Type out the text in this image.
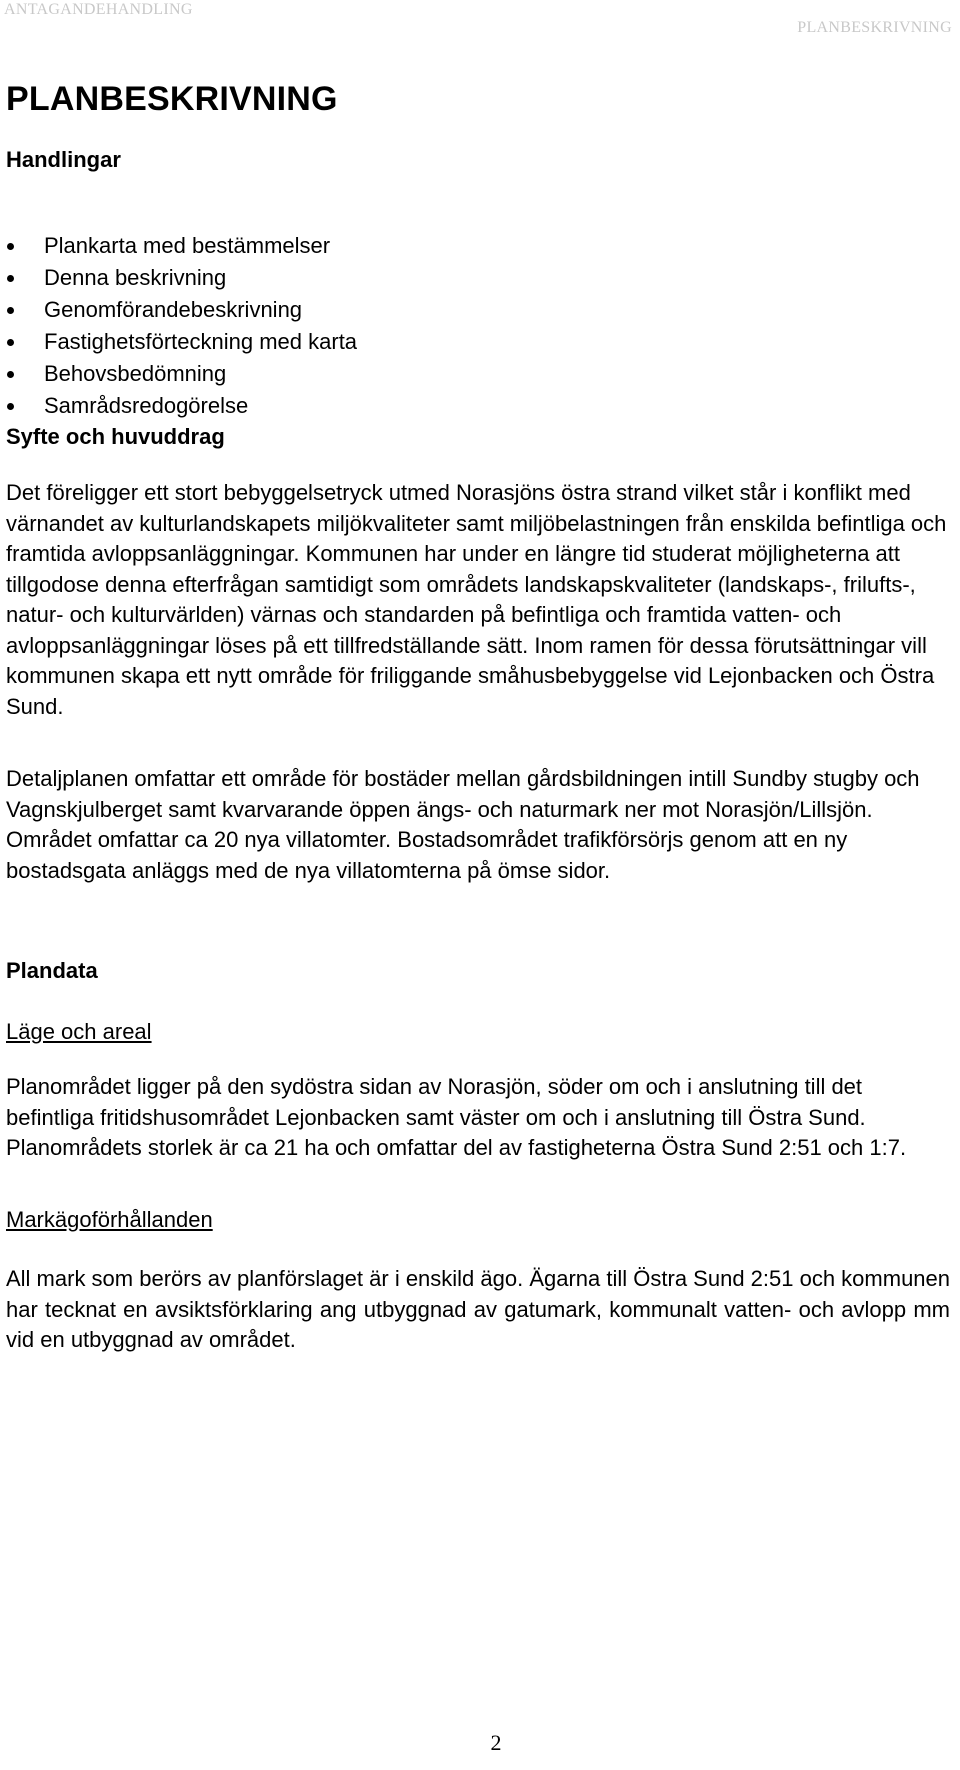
ANTAGANDEHANDLING
PLANBESKRIVNING
PLANBESKRIVNING
Handlingar
Plankarta med bestämmelser
Denna beskrivning
Genomförandebeskrivning
Fastighetsförteckning med karta
Behovsbedömning
Samrådsredogörelse
Syfte och huvuddrag

Det föreligger ett stort bebyggelsetryck utmed Norasjöns östra strand vilket står i konflikt med värnandet av kulturlandskapets miljökvaliteter samt miljöbelastningen från enskilda befintliga och framtida avloppsanläggningar. Kommunen har under en längre tid studerat möjligheterna att tillgodose denna efterfrågan samtidigt som områdets landskapskvaliteter (landskaps-, frilufts-, natur- och kulturvärlden) värnas och standarden på befintliga och framtida vatten- och avloppsanläggningar löses på ett tillfredställande sätt. Inom ramen för dessa förutsättningar vill kommunen skapa ett nytt område för friliggande småhusbebyggelse vid Lejonbacken och Östra Sund.

Detaljplanen omfattar ett område för bostäder mellan gårdsbildningen intill Sundby stugby och Vagnskjulberget samt kvarvarande öppen ängs- och naturmark ner mot Norasjön/Lillsjön. Området omfattar ca 20 nya villatomter. Bostadsområdet trafikförsörjs genom att en ny bostadsgata anläggs med de nya villatomterna på ömse sidor.

Plandata
Läge och areal

Planområdet ligger på den sydöstra sidan av Norasjön, söder om och i anslutning till det befintliga fritidshusområdet Lejonbacken samt väster om och i anslutning till Östra Sund. Planområdets storlek är ca 21 ha och omfattar del av fastigheterna Östra Sund 2:51 och 1:7.

Markägoförhållanden

All mark som berörs av planförslaget är i enskild ägo. Ägarna till Östra Sund 2:51 och kommunen har tecknat en avsiktsförklaring ang utbyggnad av gatumark, kommunalt vatten- och avlopp mm vid en utbyggnad av området.

2
